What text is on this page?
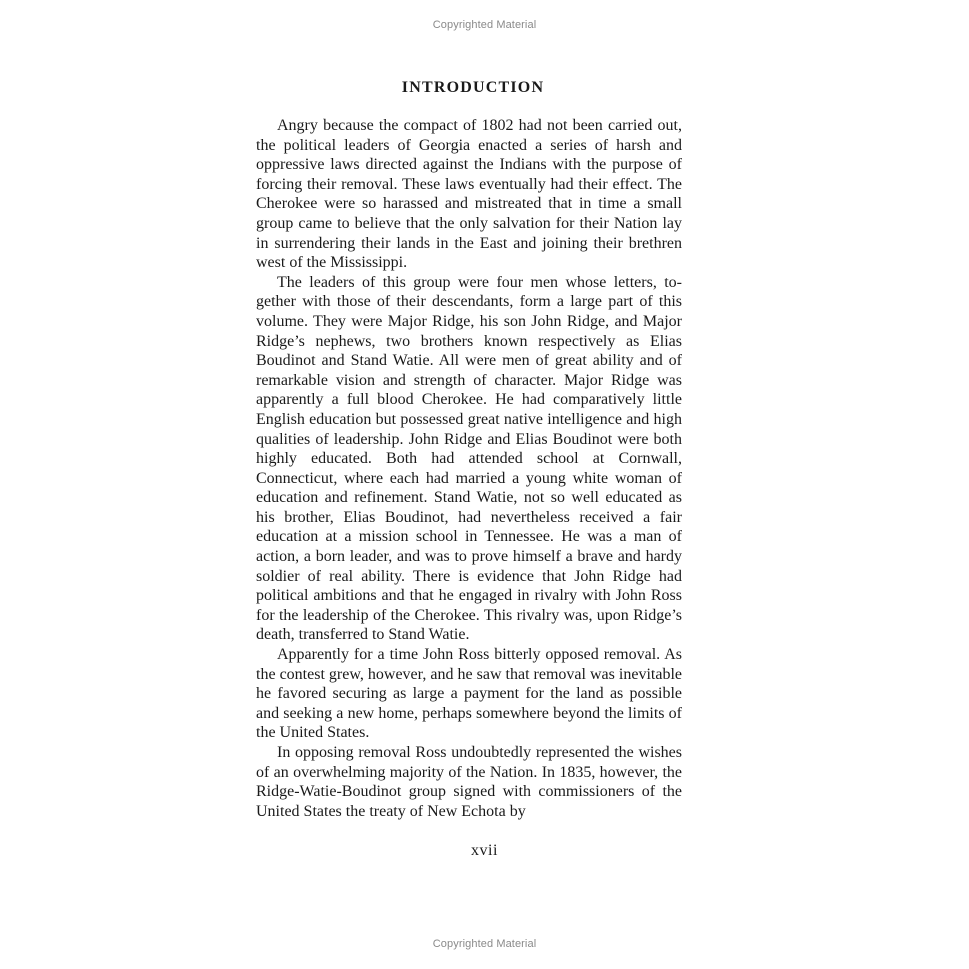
Copyrighted Material
INTRODUCTION

Angry because the compact of 1802 had not been carried out, the political leaders of Georgia enacted a series of harsh and oppressive laws directed against the Indians with the purpose of forcing their removal. These laws eventually had their effect. The Cherokee were so harassed and mistreated that in time a small group came to believe that the only salvation for their Nation lay in surrendering their lands in the East and joining their brethren west of the Mississippi.

The leaders of this group were four men whose letters, together with those of their descendants, form a large part of this volume. They were Major Ridge, his son John Ridge, and Major Ridge’s nephews, two brothers known respectively as Elias Boudinot and Stand Watie. All were men of great ability and of remarkable vision and strength of character. Major Ridge was apparently a full blood Cherokee. He had comparatively little English education but possessed great native intelligence and high qualities of leadership. John Ridge and Elias Boudinot were both highly educated. Both had attended school at Cornwall, Connecticut, where each had married a young white woman of education and refinement. Stand Watie, not so well educated as his brother, Elias Boudinot, had nevertheless received a fair education at a mission school in Tennessee. He was a man of action, a born leader, and was to prove himself a brave and hardy soldier of real ability. There is evidence that John Ridge had political ambitions and that he engaged in rivalry with John Ross for the leadership of the Cherokee. This rivalry was, upon Ridge’s death, transferred to Stand Watie.

Apparently for a time John Ross bitterly opposed removal. As the contest grew, however, and he saw that removal was inevitable he favored securing as large a payment for the land as possible and seeking a new home, perhaps somewhere beyond the limits of the United States.

In opposing removal Ross undoubtedly represented the wishes of an overwhelming majority of the Nation. In 1835, however, the Ridge-Watie-Boudinot group signed with commissioners of the United States the treaty of New Echota by

xvii
Copyrighted Material
